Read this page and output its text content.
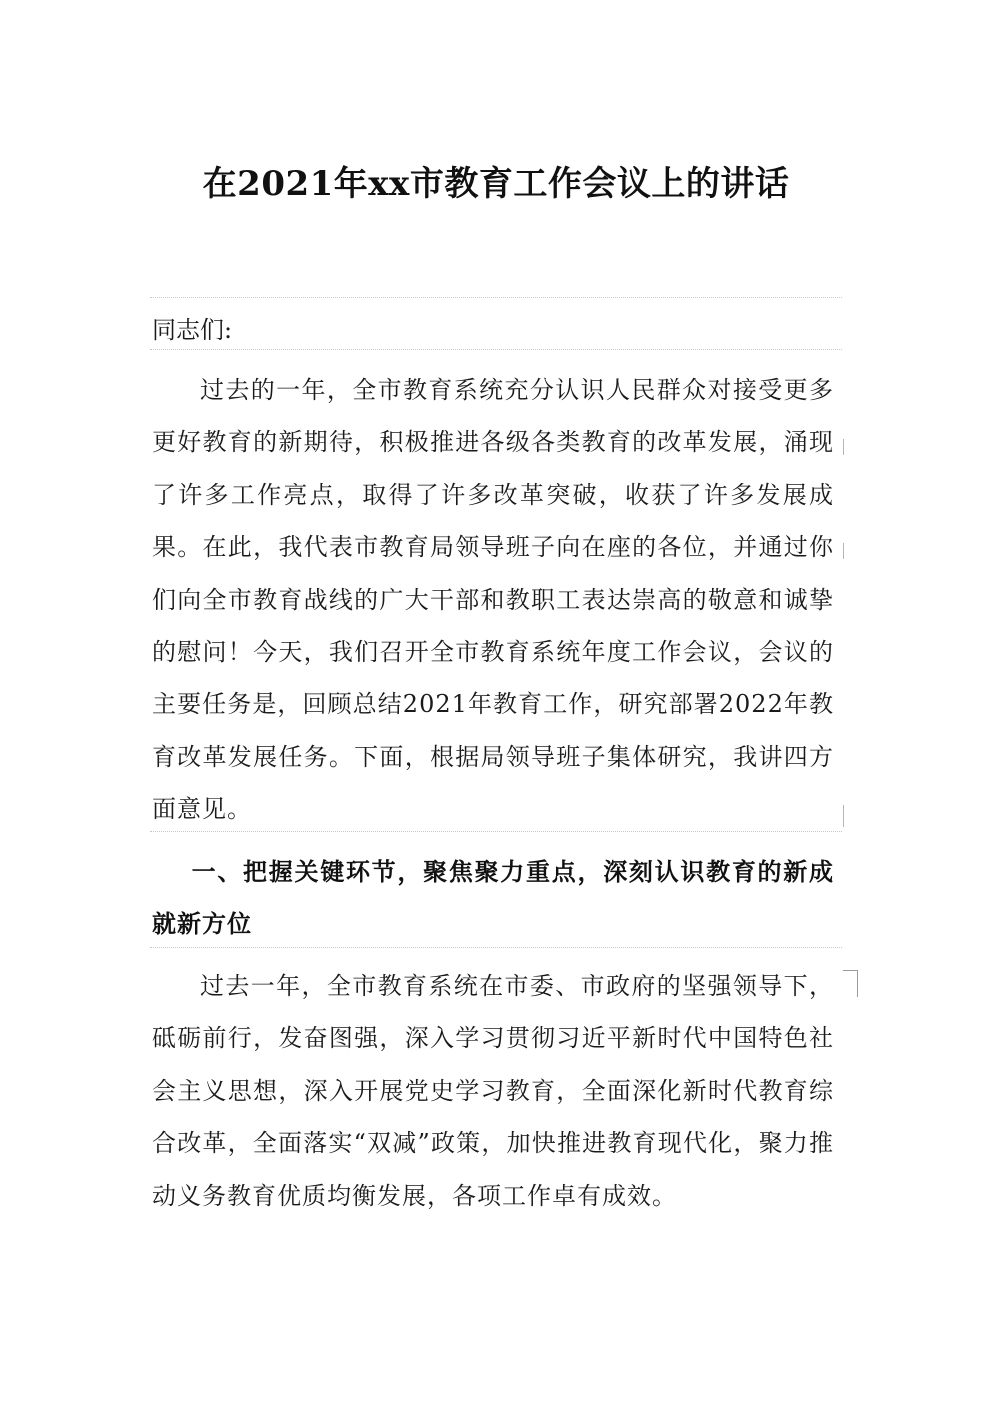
在2021年xx市教育工作会议上的讲话
同志们:
过去的一年，全市教育系统充分认识人民群众对接受更多更好教育的新期待，积极推进各级各类教育的改革发展，涌现了许多工作亮点，取得了许多改革突破，收获了许多发展成果。在此，我代表市教育局领导班子向在座的各位，并通过你们向全市教育战线的广大干部和教职工表达崇高的敬意和诚挚的慰问！今天，我们召开全市教育系统年度工作会议，会议的主要任务是，回顾总结2021年教育工作，研究部署2022年教育改革发展任务。下面，根据局领导班子集体研究，我讲四方面意见。
一、把握关键环节，聚焦聚力重点，深刻认识教育的新成就新方位
过去一年，全市教育系统在市委、市政府的坚强领导下，砥砺前行，发奋图强，深入学习贯彻习近平新时代中国特色社会主义思想，深入开展党史学习教育，全面深化新时代教育综合改革，全面落实“双减”政策，加快推进教育现代化，聚力推动义务教育优质均衡发展，各项工作卓有成效。
